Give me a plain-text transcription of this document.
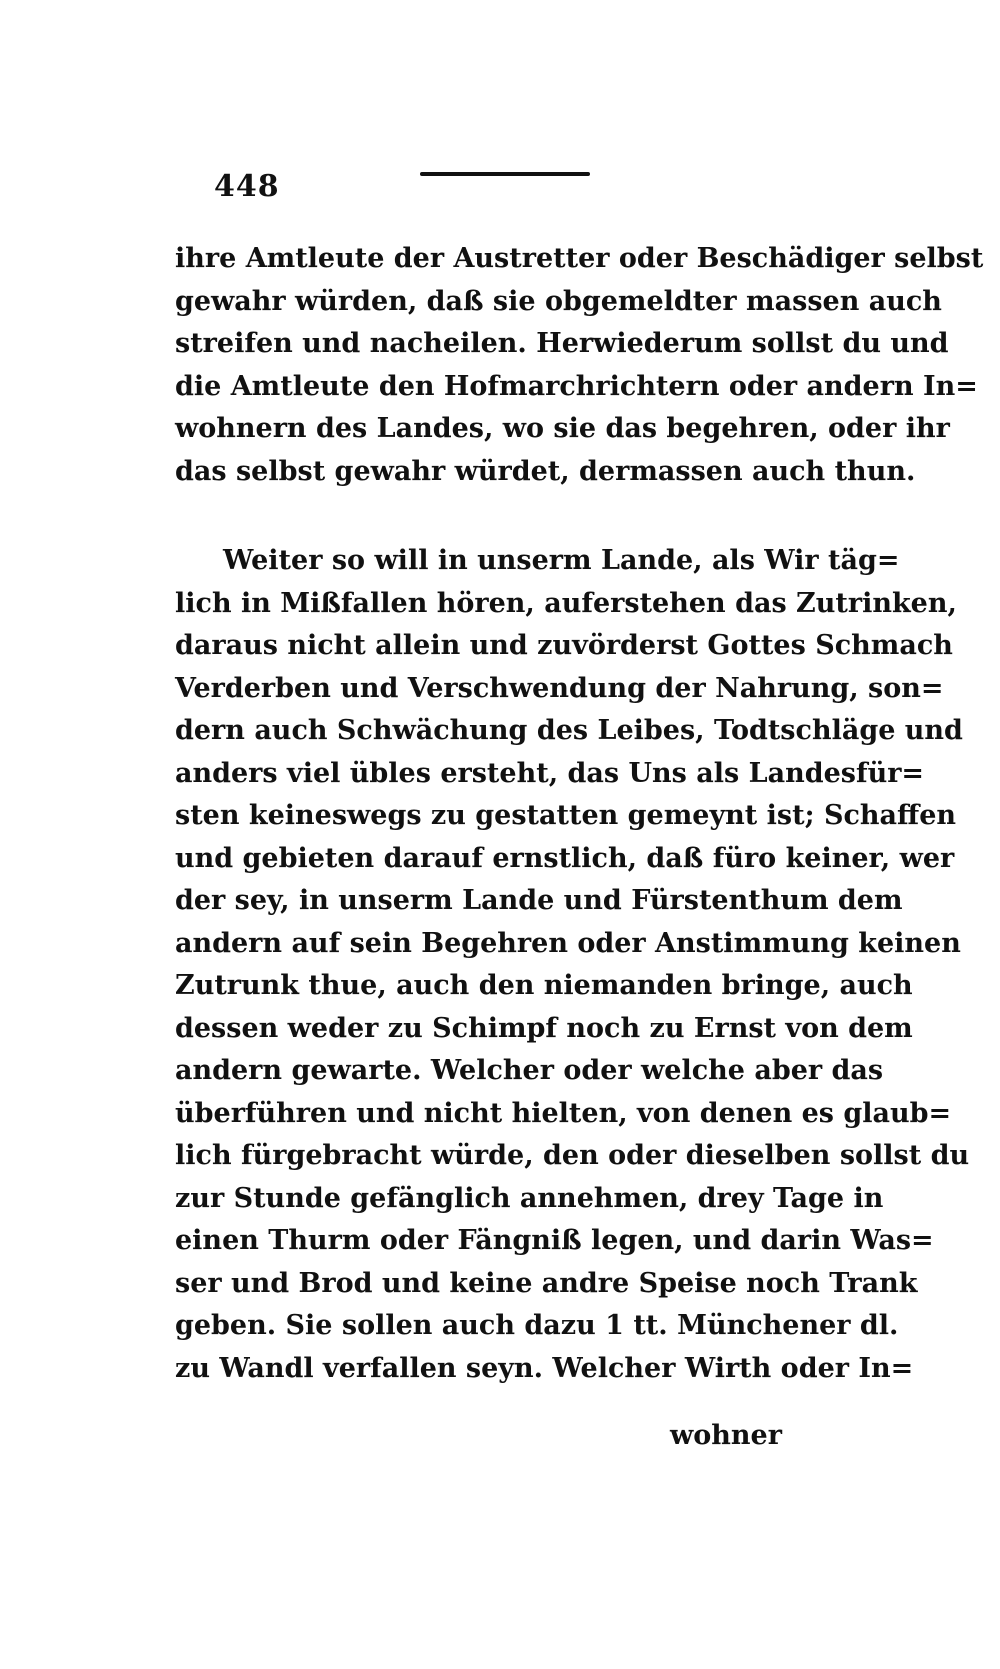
448
ihre Amtleute der Austretter oder Beschädiger selbst
gewahr würden, daß sie obgemeldter massen auch
streifen und nacheilen. Herwiederum sollst du und
die Amtleute den Hofmarchrichtern oder andern In=
wohnern des Landes, wo sie das begehren, oder ihr
das selbst gewahr würdet, dermassen auch thun.
Weiter so will in unserm Lande, als Wir täg=
lich in Mißfallen hören, auferstehen das Zutrinken,
daraus nicht allein und zuvörderst Gottes Schmach
Verderben und Verschwendung der Nahrung, son=
dern auch Schwächung des Leibes, Todtschläge und
anders viel übles ersteht, das Uns als Landesfür=
sten keineswegs zu gestatten gemeynt ist; Schaffen
und gebieten darauf ernstlich, daß füro keiner, wer
der sey, in unserm Lande und Fürstenthum dem
andern auf sein Begehren oder Anstimmung keinen
Zutrunk thue, auch den niemanden bringe, auch
dessen weder zu Schimpf noch zu Ernst von dem
andern gewarte. Welcher oder welche aber das
überführen und nicht hielten, von denen es glaub=
lich fürgebracht würde, den oder dieselben sollst du
zur Stunde gefänglich annehmen, drey Tage in
einen Thurm oder Fängniß legen, und darin Was=
ser und Brod und keine andre Speise noch Trank
geben. Sie sollen auch dazu 1 tt. Münchener dl.
zu Wandl verfallen seyn. Welcher Wirth oder In=
wohner
